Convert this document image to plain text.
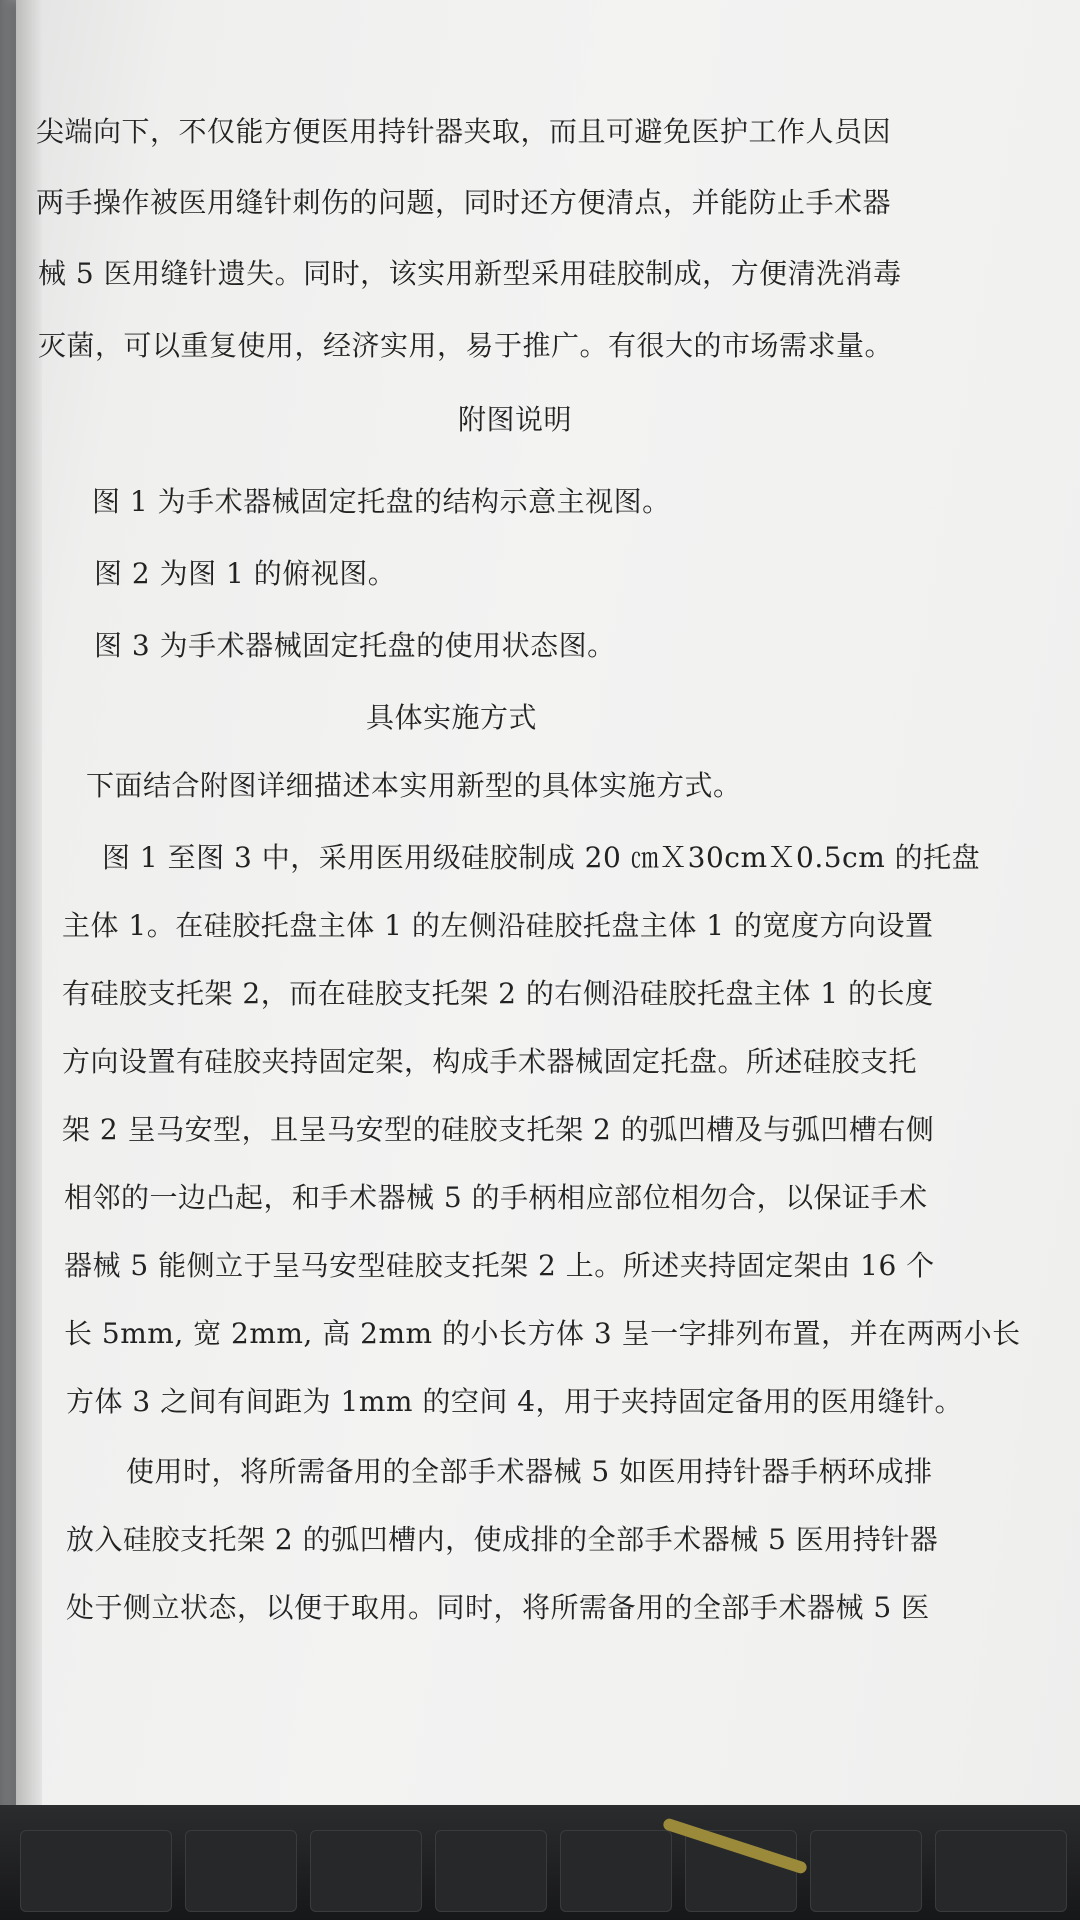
尖端向下，不仅能方便医用持针器夹取，而且可避免医护工作人员因
两手操作被医用缝针刺伤的问题，同时还方便清点，并能防止手术器
械 5 医用缝针遗失。同时，该实用新型采用硅胶制成，方便清洗消毒
灭菌，可以重复使用，经济实用，易于推广。有很大的市场需求量。
附图说明
图 1 为手术器械固定托盘的结构示意主视图。
图 2 为图 1 的俯视图。
图 3 为手术器械固定托盘的使用状态图。
具体实施方式
下面结合附图详细描述本实用新型的具体实施方式。
图 1 至图 3 中，采用医用级硅胶制成 20 ㎝Ｘ30cmＸ0.5cm 的托盘
主体 1。在硅胶托盘主体 1 的左侧沿硅胶托盘主体 1 的宽度方向设置
有硅胶支托架 2，而在硅胶支托架 2 的右侧沿硅胶托盘主体 1 的长度
方向设置有硅胶夹持固定架，构成手术器械固定托盘。所述硅胶支托
架 2 呈马安型，且呈马安型的硅胶支托架 2 的弧凹槽及与弧凹槽右侧
相邻的一边凸起，和手术器械 5 的手柄相应部位相勿合，以保证手术
器械 5 能侧立于呈马安型硅胶支托架 2 上。所述夹持固定架由 16 个
长 5mm, 宽 2mm, 高 2mm 的小长方体 3 呈一字排列布置，并在两两小长
方体 3 之间有间距为 1mm 的空间 4，用于夹持固定备用的医用缝针。
使用时，将所需备用的全部手术器械 5 如医用持针器手柄环成排
放入硅胶支托架 2 的弧凹槽内，使成排的全部手术器械 5 医用持针器
处于侧立状态，以便于取用。同时，将所需备用的全部手术器械 5 医
